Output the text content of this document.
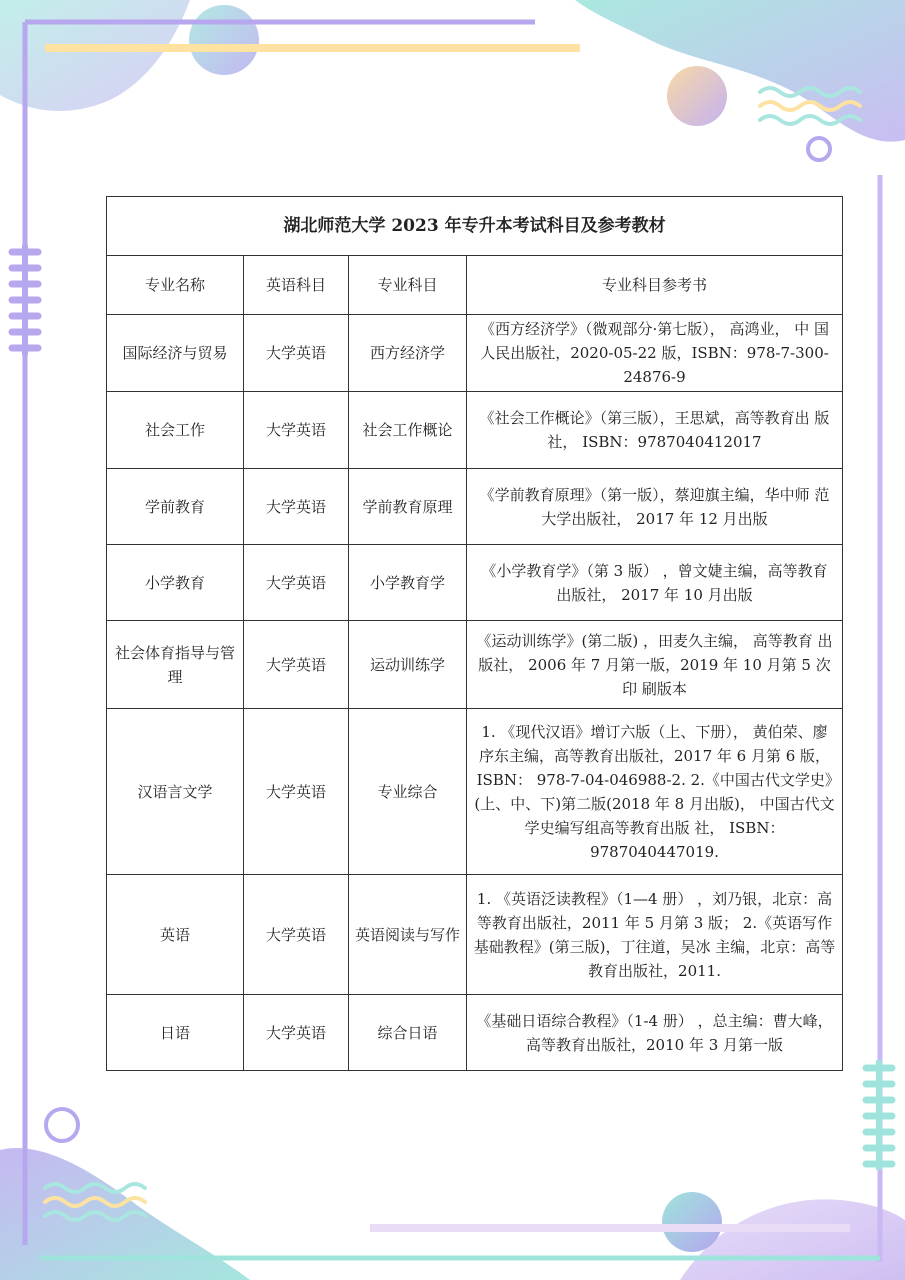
湖北师范大学 2023 年专升本考试科目及参考教材			
专业名称	英语科目	专业科目	专业科目参考书
国际经济与贸易	大学英语	西方经济学	《西方经济学》（微观部分·第七版）， 高鸿业， 中 国人民出版社，2020-05-22 版，ISBN：978-7-300-24876-9
社会工作	大学英语	社会工作概论	《社会工作概论》（第三版），王思斌，高等教育出 版社， ISBN：9787040412017
学前教育	大学英语	学前教育原理	《学前教育原理》（第一版），蔡迎旗主编，华中师 范大学出版社， 2017 年 12 月出版
小学教育	大学英语	小学教育学	《小学教育学》（第 3 版） ，曾文婕主编，高等教育 出版社， 2017 年 10 月出版
社会体育指导与管理	大学英语	运动训练学	《运动训练学》(第二版) ，田麦久主编， 高等教育 出版社， 2006 年 7 月第一版，2019 年 10 月第 5 次印 刷版本
汉语言文学	大学英语	专业综合	1. 《现代汉语》增订六版（上、下册）， 黄伯荣、廖 序东主编，高等教育出版社，2017 年 6 月第 6 版，ISBN： 978-7-04-046988-2. 2.《中国古代文学史》(上、中、下)第二版(2018 年 8 月出版)， 中国古代文学史编写组高等教育出版 社， ISBN：9787040447019.
英语	大学英语	英语阅读与写作	1. 《英语泛读教程》（1—4 册） ，刘乃银，北京：高 等教育出版社，2011 年 5 月第 3 版； 2.《英语写作基础教程》(第三版)，丁往道，吴冰 主编，北京：高等教育出版社，2011.
日语	大学英语	综合日语	《基础日语综合教程》（1-4 册） ，总主编：曹大峰， 高等教育出版社，2010 年 3 月第一版
